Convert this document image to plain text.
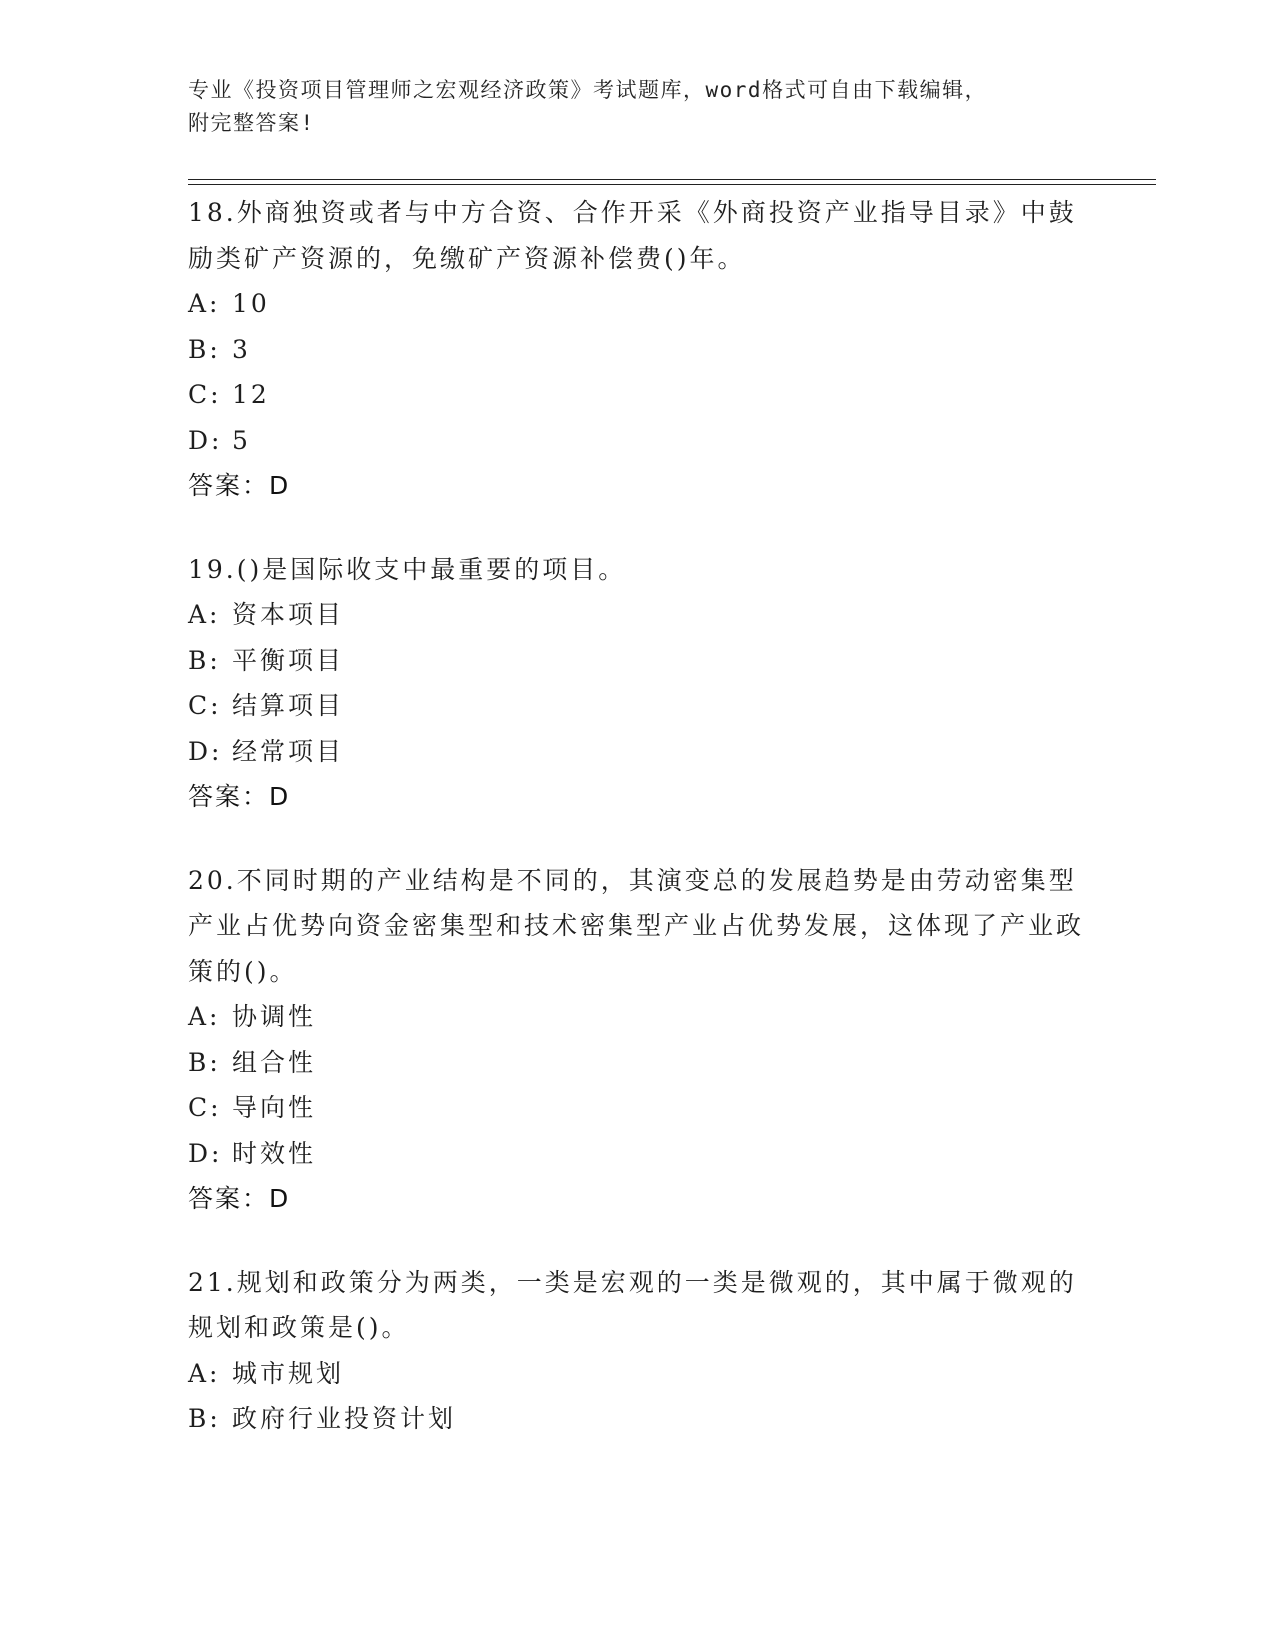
专业《投资项目管理师之宏观经济政策》考试题库，word格式可自由下载编辑，
附完整答案!
18.外商独资或者与中方合资、合作开采《外商投资产业指导目录》中鼓励类矿产资源的，免缴矿产资源补偿费()年。
A: 10
B: 3
C: 12
D: 5
答案：D
19.()是国际收支中最重要的项目。
A: 资本项目
B: 平衡项目
C: 结算项目
D: 经常项目
答案：D
20.不同时期的产业结构是不同的，其演变总的发展趋势是由劳动密集型产业占优势向资金密集型和技术密集型产业占优势发展，这体现了产业政策的()。
A: 协调性
B: 组合性
C: 导向性
D: 时效性
答案：D
21.规划和政策分为两类，一类是宏观的一类是微观的，其中属于微观的规划和政策是()。
A: 城市规划
B: 政府行业投资计划
